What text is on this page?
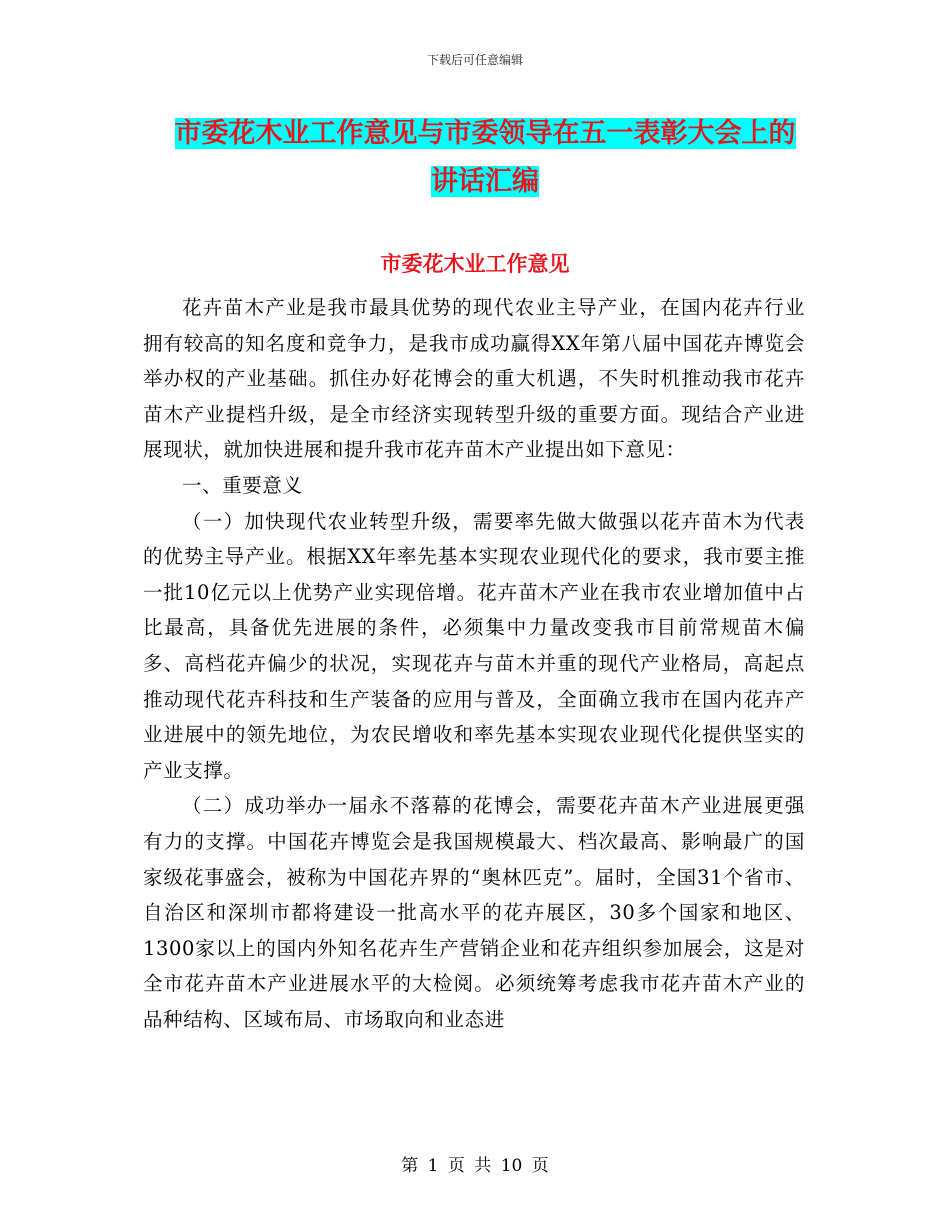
下载后可任意编辑
市委花木业工作意见与市委领导在五一表彰大会上的
讲话汇编
市委花木业工作意见

花卉苗木产业是我市最具优势的现代农业主导产业，在国内花卉行业拥有较高的知名度和竞争力，是我市成功赢得XX年第八届中国花卉博览会举办权的产业基础。抓住办好花博会的重大机遇，不失时机推动我市花卉苗木产业提档升级，是全市经济实现转型升级的重要方面。现结合产业进展现状，就加快进展和提升我市花卉苗木产业提出如下意见：

一、重要意义

（一）加快现代农业转型升级，需要率先做大做强以花卉苗木为代表的优势主导产业。根据XX年率先基本实现农业现代化的要求，我市要主推一批10亿元以上优势产业实现倍增。花卉苗木产业在我市农业增加值中占比最高，具备优先进展的条件，必须集中力量改变我市目前常规苗木偏多、高档花卉偏少的状况，实现花卉与苗木并重的现代产业格局，高起点推动现代花卉科技和生产装备的应用与普及，全面确立我市在国内花卉产业进展中的领先地位，为农民增收和率先基本实现农业现代化提供坚实的产业支撑。

（二）成功举办一届永不落幕的花博会，需要花卉苗木产业进展更强有力的支撑。中国花卉博览会是我国规模最大、档次最高、影响最广的国家级花事盛会，被称为中国花卉界的“奥林匹克”。届时，全国31个省市、自治区和深圳市都将建设一批高水平的花卉展区，30多个国家和地区、1300家以上的国内外知名花卉生产营销企业和花卉组织参加展会，这是对全市花卉苗木产业进展水平的大检阅。必须统筹考虑我市花卉苗木产业的品种结构、区域布局、市场取向和业态进

第 1 页 共 10 页
